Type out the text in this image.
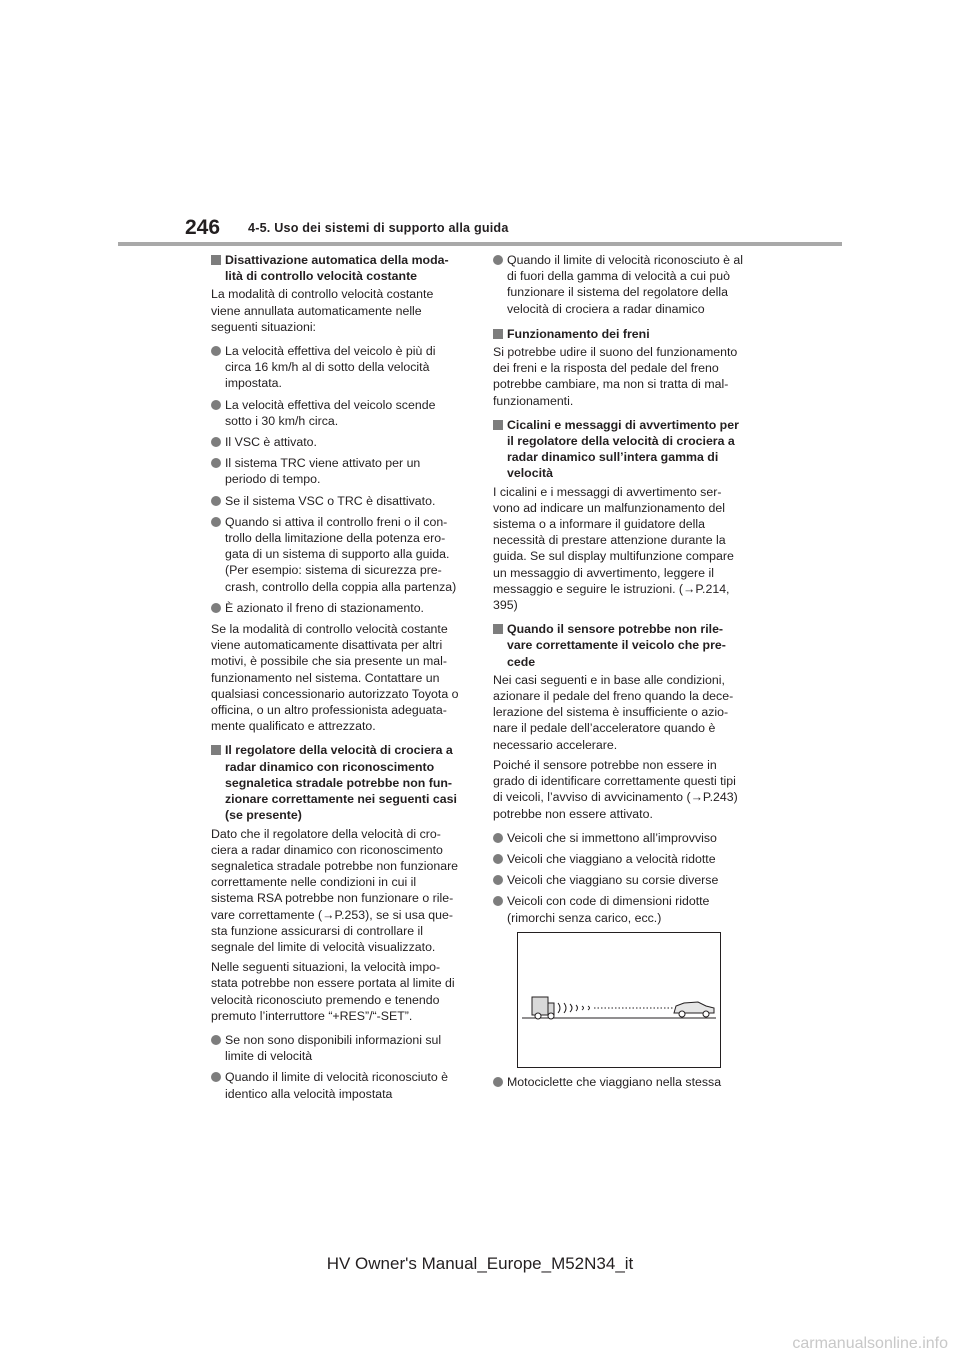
246 4-5. Uso dei sistemi di supporto alla guida
Disattivazione automatica della moda-
lità di controllo velocità costante
La modalità di controllo velocità costante
viene annullata automaticamente nelle
seguenti situazioni:
La velocità effettiva del veicolo è più di
circa 16 km/h al di sotto della velocità
impostata.
La velocità effettiva del veicolo scende
sotto i 30 km/h circa.
Il VSC è attivato.
Il sistema TRC viene attivato per un
periodo di tempo.
Se il sistema VSC o TRC è disattivato.
Quando si attiva il controllo freni o il con-
trollo della limitazione della potenza ero-
gata di un sistema di supporto alla guida.
(Per esempio: sistema di sicurezza pre-
crash, controllo della coppia alla partenza)
È azionato il freno di stazionamento.
Se la modalità di controllo velocità costante
viene automaticamente disattivata per altri
motivi, è possibile che sia presente un mal-
funzionamento nel sistema. Contattare un
qualsiasi concessionario autorizzato Toyota o
officina, o un altro professionista adeguata-
mente qualificato e attrezzato.
Il regolatore della velocità di crociera a
radar dinamico con riconoscimento
segnaletica stradale potrebbe non fun-
zionare correttamente nei seguenti casi
(se presente)
Dato che il regolatore della velocità di cro-
ciera a radar dinamico con riconoscimento
segnaletica stradale potrebbe non funzionare
correttamente nelle condizioni in cui il
sistema RSA potrebbe non funzionare o rile-
vare correttamente (→P.253), se si usa que-
sta funzione assicurarsi di controllare il
segnale del limite di velocità visualizzato.
Nelle seguenti situazioni, la velocità impo-
stata potrebbe non essere portata al limite di
velocità riconosciuto premendo e tenendo
premuto l’interruttore “+RES”/“-SET”.
Se non sono disponibili informazioni sul
limite di velocità
Quando il limite di velocità riconosciuto è
identico alla velocità impostata
Quando il limite di velocità riconosciuto è al
di fuori della gamma di velocità a cui può
funzionare il sistema del regolatore della
velocità di crociera a radar dinamico
Funzionamento dei freni
Si potrebbe udire il suono del funzionamento
dei freni e la risposta del pedale del freno
potrebbe cambiare, ma non si tratta di mal-
funzionamenti.
Cicalini e messaggi di avvertimento per
il regolatore della velocità di crociera a
radar dinamico sull’intera gamma di
velocità
I cicalini e i messaggi di avvertimento ser-
vono ad indicare un malfunzionamento del
sistema o a informare il guidatore della
necessità di prestare attenzione durante la
guida. Se sul display multifunzione compare
un messaggio di avvertimento, leggere il
messaggio e seguire le istruzioni. (→P.214,
395)
Quando il sensore potrebbe non rile-
vare correttamente il veicolo che pre-
cede
Nei casi seguenti e in base alle condizioni,
azionare il pedale del freno quando la dece-
lerazione del sistema è insufficiente o azio-
nare il pedale dell’acceleratore quando è
necessario accelerare.
Poiché il sensore potrebbe non essere in
grado di identificare correttamente questi tipi
di veicoli, l’avviso di avvicinamento (→P.243)
potrebbe non essere attivato.
Veicoli che si immettono all’improvviso
Veicoli che viaggiano a velocità ridotte
Veicoli che viaggiano su corsie diverse
Veicoli con code di dimensioni ridotte
(rimorchi senza carico, ecc.)
Motociclette che viaggiano nella stessa
HV Owner's Manual_Europe_M52N34_it
carmanualsonline.info
